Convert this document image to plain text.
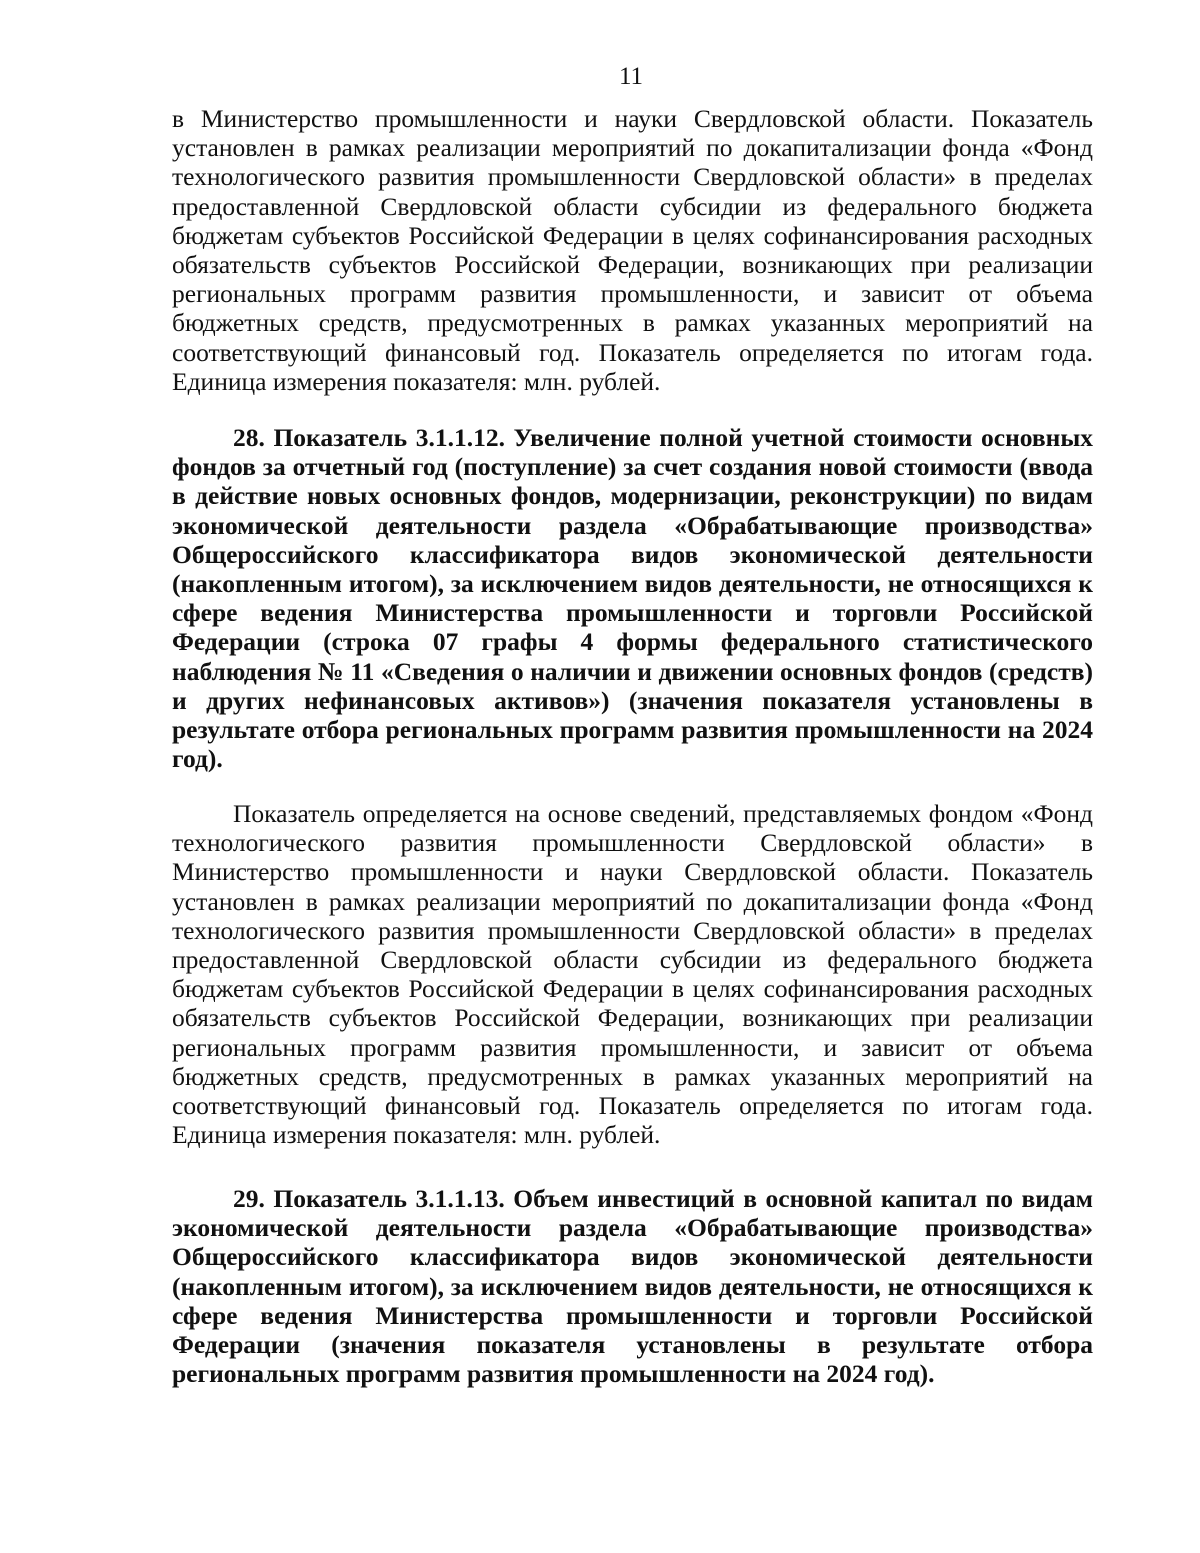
11

в Министерство промышленности и науки Свердловской области. Показатель установлен в рамках реализации мероприятий по докапитализации фонда «Фонд технологического развития промышленности Свердловской области» в пределах предоставленной Свердловской области субсидии из федерального бюджета бюджетам субъектов Российской Федерации в целях софинансирования расходных обязательств субъектов Российской Федерации, возникающих при реализации региональных программ развития промышленности, и зависит от объема бюджетных средств, предусмотренных в рамках указанных мероприятий на соответствующий финансовый год. Показатель определяется по итогам года. Единица измерения показателя: млн. рублей.

28. Показатель 3.1.1.12. Увеличение полной учетной стоимости основных фондов за отчетный год (поступление) за счет создания новой стоимости (ввода в действие новых основных фондов, модернизации, реконструкции) по видам экономической деятельности раздела «Обрабатывающие производства» Общероссийского классификатора видов экономической деятельности (накопленным итогом), за исключением видов деятельности, не относящихся к сфере ведения Министерства промышленности и торговли Российской Федерации (строка 07 графы 4 формы федерального статистического наблюдения № 11 «Сведения о наличии и движении основных фондов (средств) и других нефинансовых активов») (значения показателя установлены в результате отбора региональных программ развития промышленности на 2024 год).

Показатель определяется на основе сведений, представляемых фондом «Фонд технологического развития промышленности Свердловской области» в Министерство промышленности и науки Свердловской области. Показатель установлен в рамках реализации мероприятий по докапитализации фонда «Фонд технологического развития промышленности Свердловской области» в пределах предоставленной Свердловской области субсидии из федерального бюджета бюджетам субъектов Российской Федерации в целях софинансирования расходных обязательств субъектов Российской Федерации, возникающих при реализации региональных программ развития промышленности, и зависит от объема бюджетных средств, предусмотренных в рамках указанных мероприятий на соответствующий финансовый год. Показатель определяется по итогам года. Единица измерения показателя: млн. рублей.

29. Показатель 3.1.1.13. Объем инвестиций в основной капитал по видам экономической деятельности раздела «Обрабатывающие производства» Общероссийского классификатора видов экономической деятельности (накопленным итогом), за исключением видов деятельности, не относящихся к сфере ведения Министерства промышленности и торговли Российской Федерации (значения показателя установлены в результате отбора региональных программ развития промышленности на 2024 год).
